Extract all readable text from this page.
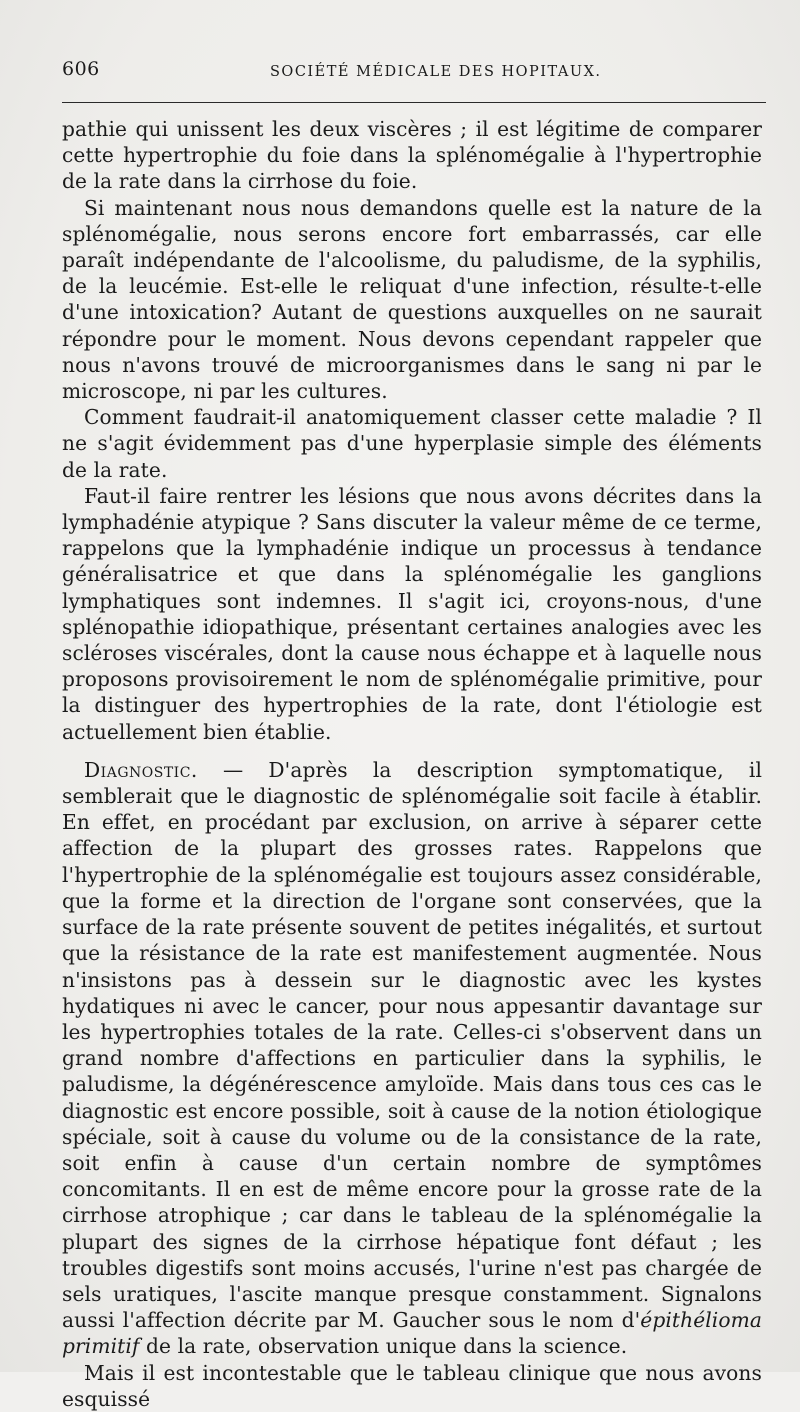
606	SOCIÉTÉ MÉDICALE DES HOPITAUX.

pathie qui unissent les deux viscères ; il est légitime de comparer cette hypertrophie du foie dans la splénomégalie à l'hypertrophie de la rate dans la cirrhose du foie.

Si maintenant nous nous demandons quelle est la nature de la splénomégalie, nous serons encore fort embarrassés, car elle paraît indépendante de l'alcoolisme, du paludisme, de la syphilis, de la leucémie. Est-elle le reliquat d'une infection, résulte-t-elle d'une intoxication? Autant de questions auxquelles on ne saurait répondre pour le moment. Nous devons cependant rappeler que nous n'avons trouvé de microorganismes dans le sang ni par le microscope, ni par les cultures.

Comment faudrait-il anatomiquement classer cette maladie ? Il ne s'agit évidemment pas d'une hyperplasie simple des éléments de la rate.

Faut-il faire rentrer les lésions que nous avons décrites dans la lymphadénie atypique ? Sans discuter la valeur même de ce terme, rappelons que la lymphadénie indique un processus à tendance généralisatrice et que dans la splénomégalie les ganglions lymphatiques sont indemnes. Il s'agit ici, croyons-nous, d'une splénopathie idiopathique, présentant certaines analogies avec les scléroses viscérales, dont la cause nous échappe et à laquelle nous proposons provisoirement le nom de splénomégalie primitive, pour la distinguer des hypertrophies de la rate, dont l'étiologie est actuellement bien établie.

Diagnostic. — D'après la description symptomatique, il semblerait que le diagnostic de splénomégalie soit facile à établir. En effet, en procédant par exclusion, on arrive à séparer cette affection de la plupart des grosses rates. Rappelons que l'hypertrophie de la splénomégalie est toujours assez considérable, que la forme et la direction de l'organe sont conservées, que la surface de la rate présente souvent de petites inégalités, et surtout que la résistance de la rate est manifestement augmentée. Nous n'insistons pas à dessein sur le diagnostic avec les kystes hydatiques ni avec le cancer, pour nous appesantir davantage sur les hypertrophies totales de la rate. Celles-ci s'observent dans un grand nombre d'affections en particulier dans la syphilis, le paludisme, la dégénérescence amyloïde. Mais dans tous ces cas le diagnostic est encore possible, soit à cause de la notion étiologique spéciale, soit à cause du volume ou de la consistance de la rate, soit enfin à cause d'un certain nombre de symptômes concomitants. Il en est de même encore pour la grosse rate de la cirrhose atrophique ; car dans le tableau de la splénomégalie la plupart des signes de la cirrhose hépatique font défaut ; les troubles digestifs sont moins accusés, l'urine n'est pas chargée de sels uratiques, l'ascite manque presque constamment. Signalons aussi l'affection décrite par M. Gaucher sous le nom d'épithélioma primitif de la rate, observation unique dans la science.

Mais il est incontestable que le tableau clinique que nous avons esquissé
